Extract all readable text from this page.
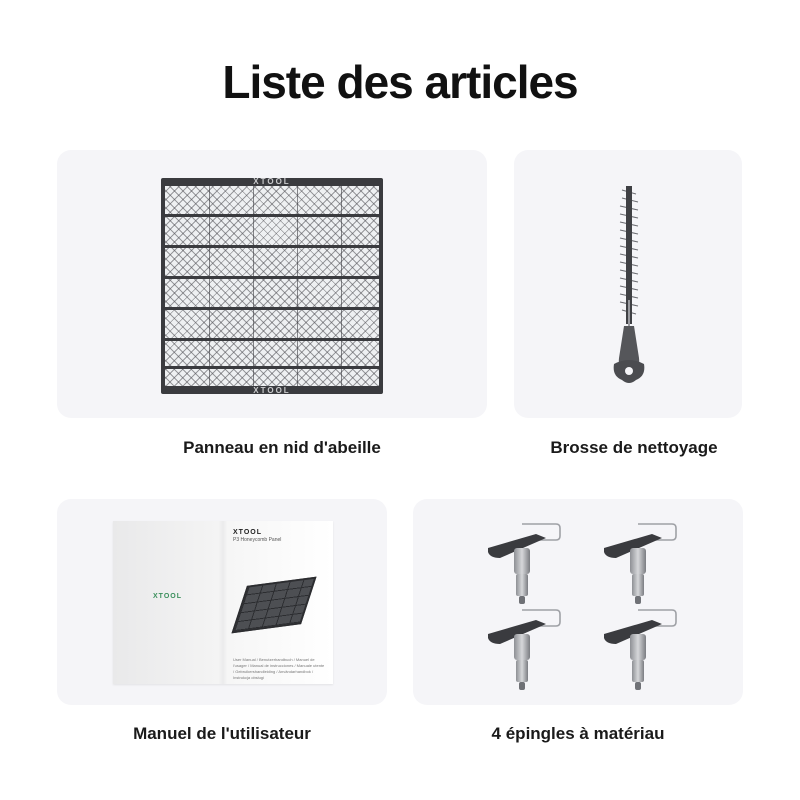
Liste des articles
XTOOL
XTOOL
Panneau en nid d'abeille	Brosse de nettoyage
XTOOL
XTOOL
P3 Honeycomb Panel
User Manual / Benutzerhandbuch / Manuel de l'usager / Manual de instrucciones / Manuale utente / Gebruikershandleiding / Användarhandbok / Instrukcja obsługi
Manuel de l'utilisateur	4 épingles à matériau
